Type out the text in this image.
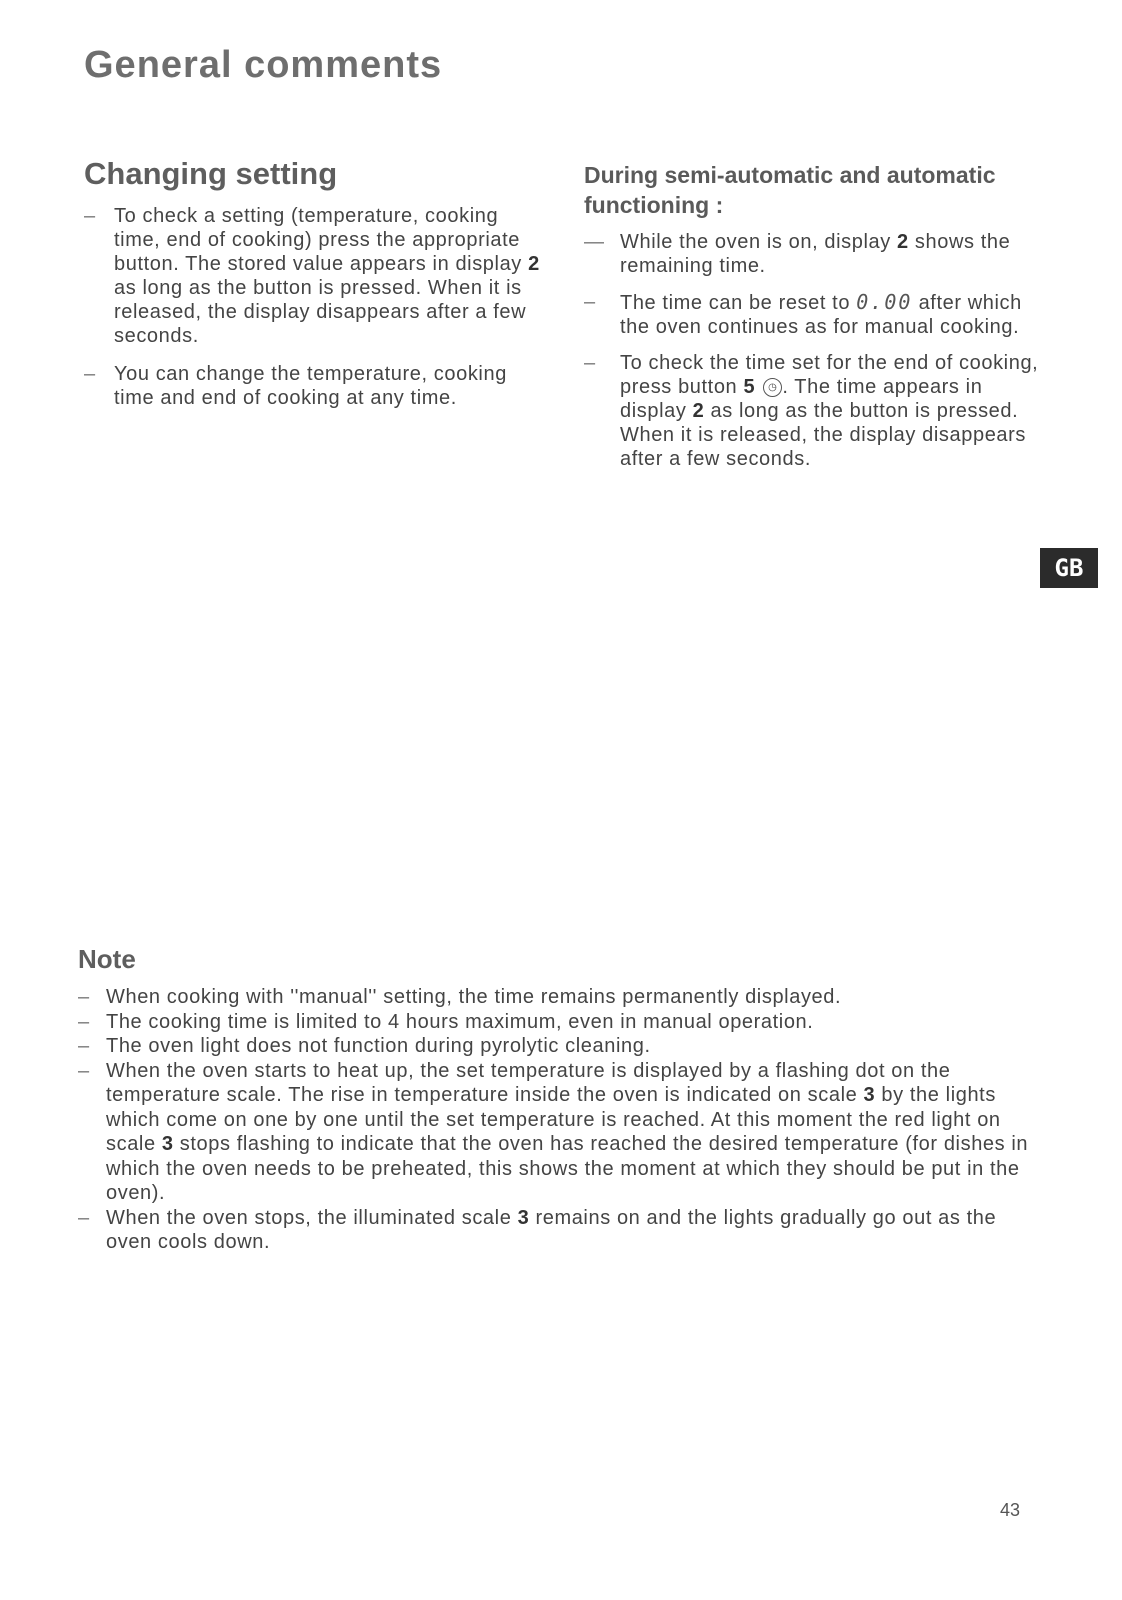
General comments
Changing setting
– To check a setting (temperature, cooking time, end of cooking) press the appropriate button. The stored value appears in display 2 as long as the button is pressed. When it is released, the display disappears after a few seconds.
– You can change the temperature, cooking time and end of cooking at any time.
During semi-automatic and automatic functioning :
— While the oven is on, display 2 shows the remaining time.
– The time can be reset to 0.00 after which the oven continues as for manual cooking.
– To check the time set for the end of cooking, press button 5 ◷ . The time appears in display 2 as long as the button is pressed. When it is released, the display disappears after a few seconds.
GB
Note
– When cooking with ''manual'' setting, the time remains permanently displayed.
– The cooking time is limited to 4 hours maximum, even in manual operation.
– The oven light does not function during pyrolytic cleaning.
– When the oven starts to heat up, the set temperature is displayed by a flashing dot on the temperature scale. The rise in temperature inside the oven is indicated on scale 3 by the lights which come on one by one until the set temperature is reached. At this moment the red light on scale 3 stops flashing to indicate that the oven has reached the desired temperature (for dishes in which the oven needs to be preheated, this shows the moment at which they should be put in the oven).
– When the oven stops, the illuminated scale 3 remains on and the lights gradually go out as the oven cools down.
43
